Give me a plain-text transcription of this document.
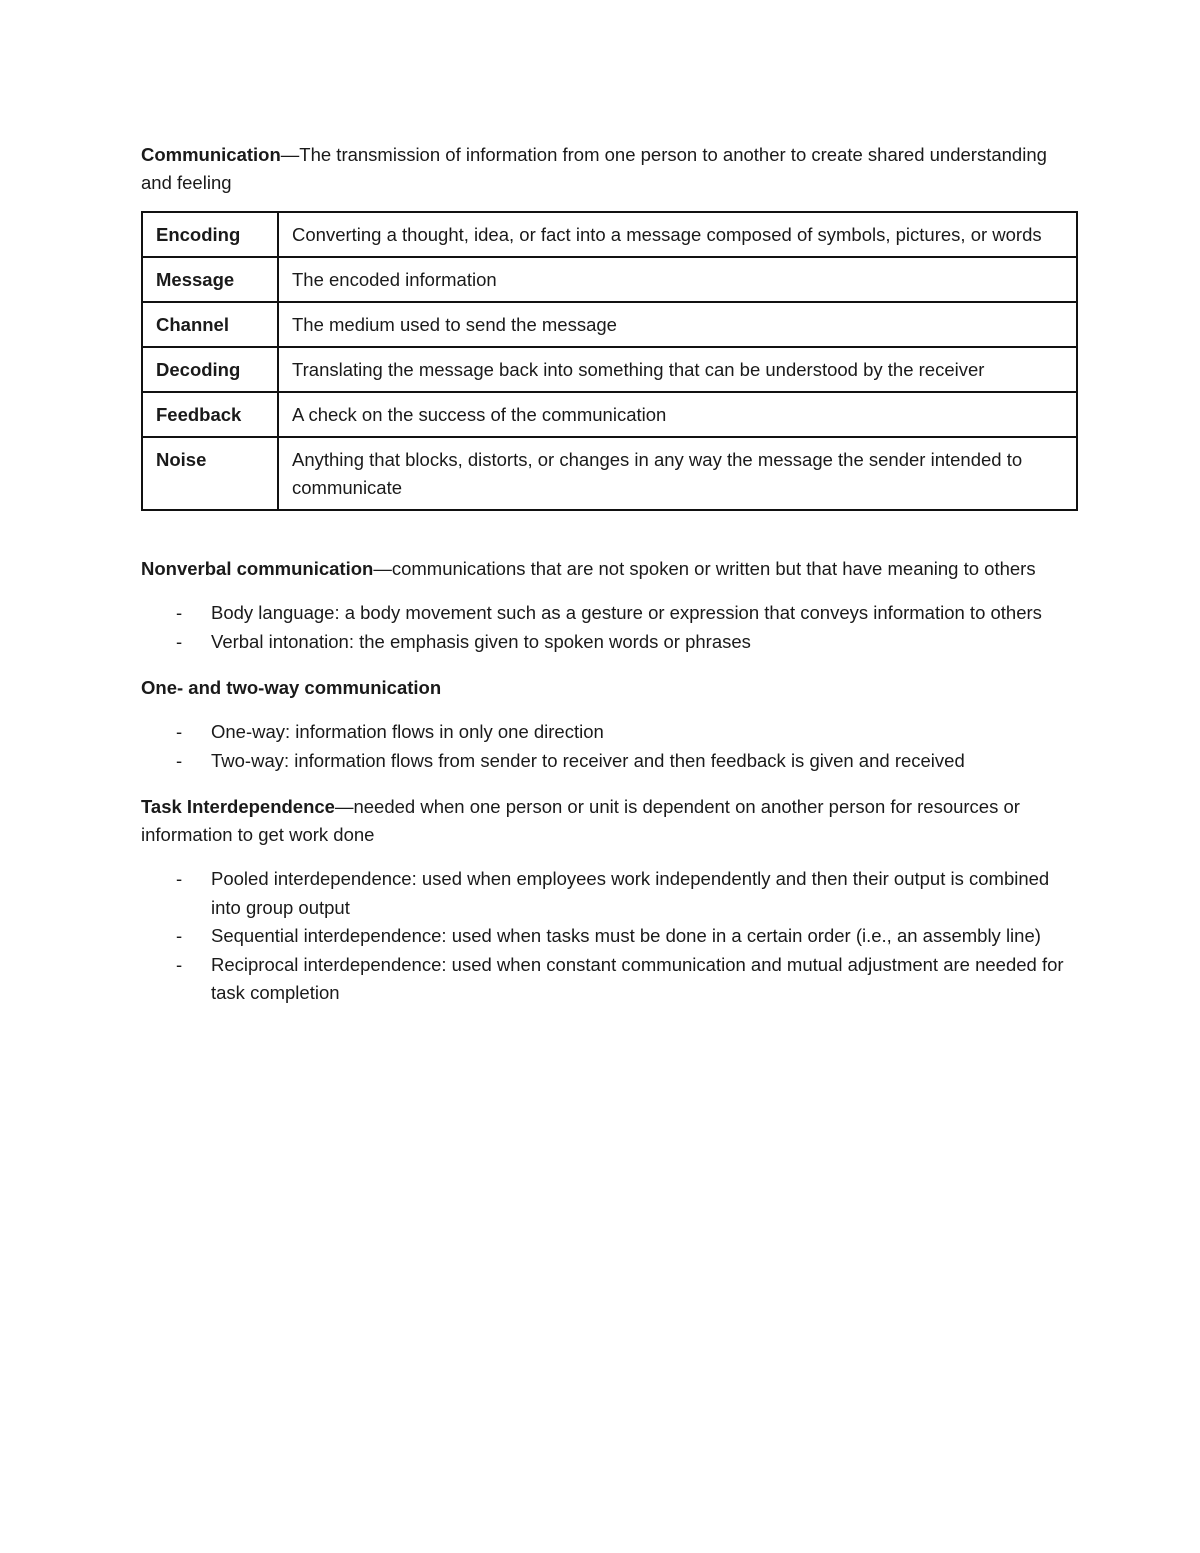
Communication—The transmission of information from one person to another to create shared understanding and feeling

Encoding	Converting a thought, idea, or fact into a message composed of symbols, pictures, or words
Message	The encoded information
Channel	The medium used to send the message
Decoding	Translating the message back into something that can be understood by the receiver
Feedback	A check on the success of the communication
Noise	Anything that blocks, distorts, or changes in any way the message the sender intended to communicate

Nonverbal communication—communications that are not spoken or written but that have meaning to others

- Body language: a body movement such as a gesture or expression that conveys information to others
- Verbal intonation: the emphasis given to spoken words or phrases

One- and two-way communication

- One-way: information flows in only one direction
- Two-way: information flows from sender to receiver and then feedback is given and received

Task Interdependence—needed when one person or unit is dependent on another person for resources or information to get work done

- Pooled interdependence: used when employees work independently and then their output is combined into group output
- Sequential interdependence: used when tasks must be done in a certain order (i.e., an assembly line)
- Reciprocal interdependence: used when constant communication and mutual adjustment are needed for task completion
